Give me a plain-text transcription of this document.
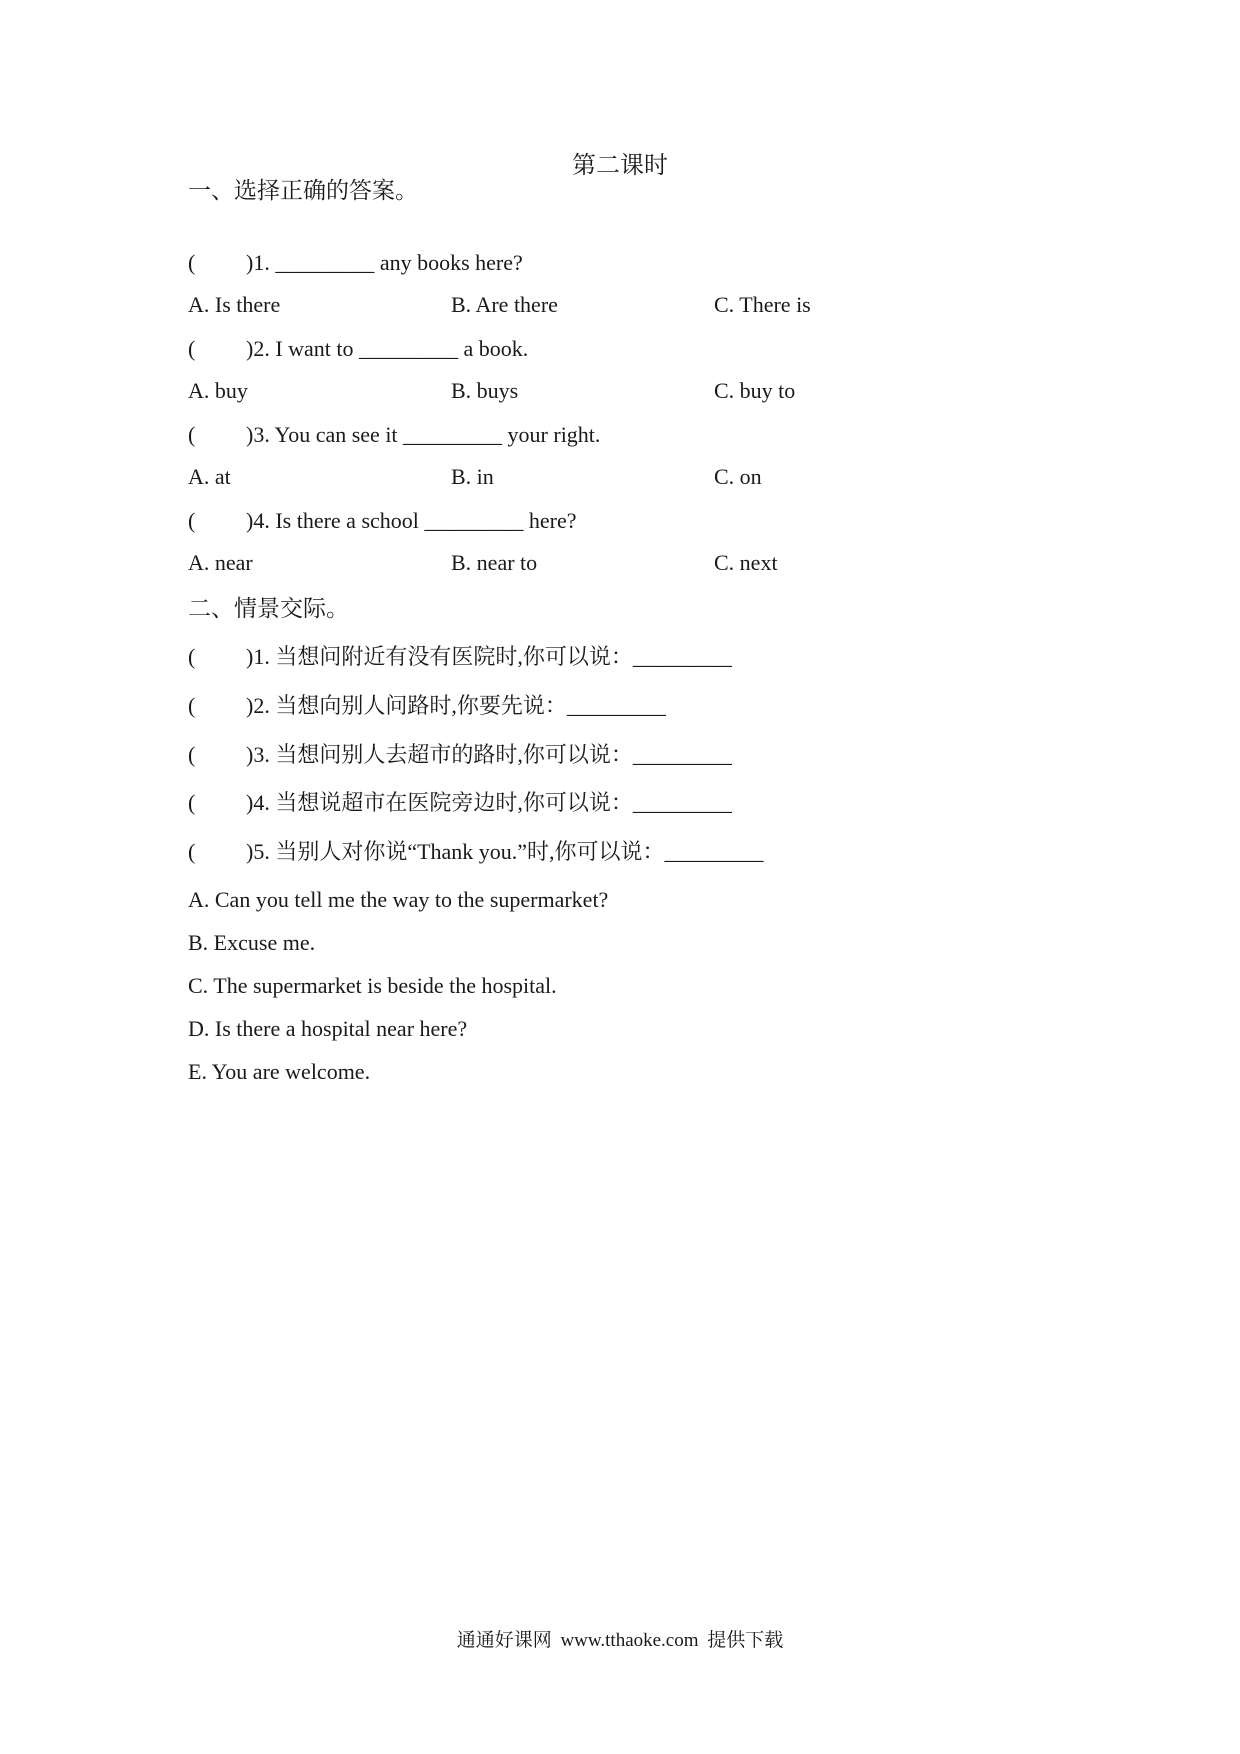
第二课时
一、选择正确的答案。
( )1. _________ any books here?
A. Is there	B. Are there	C. There is
( )2. I want to _________ a book.
A. buy	B. buys	C. buy to
( )3. You can see it _________ your right.
A. at	B. in	C. on
( )4. Is there a school _________ here?
A. near	B. near to	C. next
二、情景交际。
( )1. 当想问附近有没有医院时,你可以说：_________
( )2. 当想向别人问路时,你要先说：_________
( )3. 当想问别人去超市的路时,你可以说：_________
( )4. 当想说超市在医院旁边时,你可以说：_________
( )5. 当别人对你说“Thank you.”时,你可以说：_________
A. Can you tell me the way to the supermarket?
B. Excuse me.
C. The supermarket is beside the hospital.
D. Is there a hospital near here?
E. You are welcome.
通通好课网 www.tthaoke.com 提供下载
